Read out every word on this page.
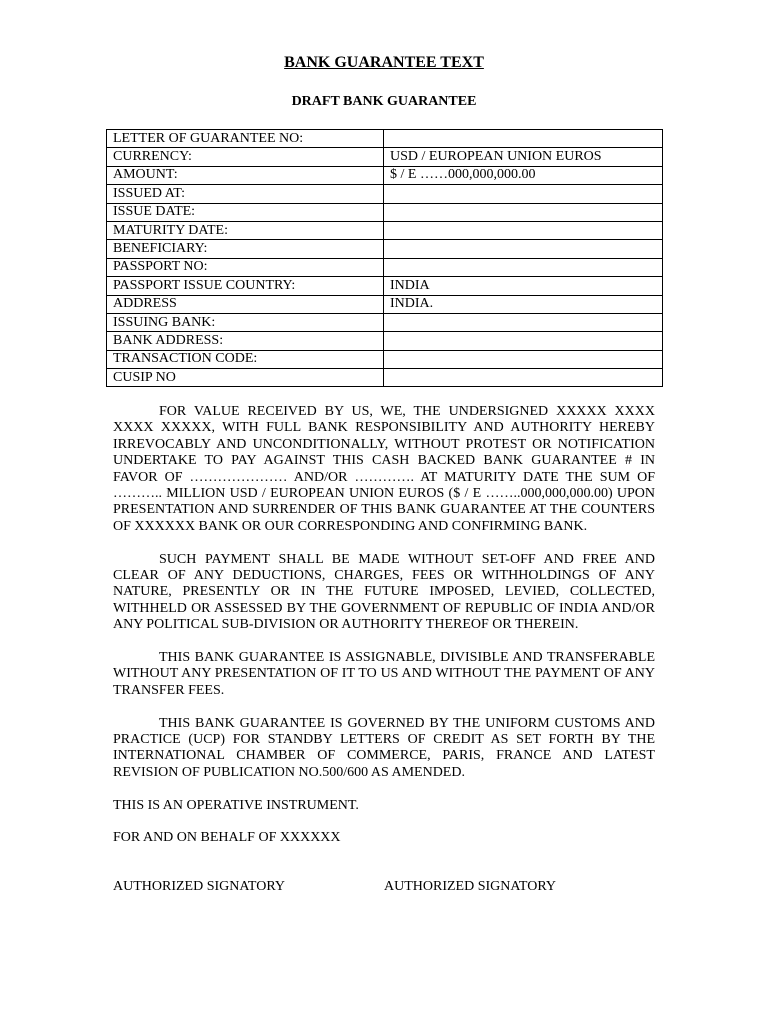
BANK GUARANTEE TEXT
DRAFT BANK GUARANTEE
LETTER OF GUARANTEE NO:	
CURRENCY:	USD / EUROPEAN UNION EUROS
AMOUNT:	$ / E ……000,000,000.00
ISSUED AT:	
ISSUE DATE:	
MATURITY DATE:	
BENEFICIARY:	
PASSPORT NO:	
PASSPORT ISSUE COUNTRY:	INDIA
ADDRESS	INDIA.
ISSUING BANK:	
BANK ADDRESS:	
TRANSACTION CODE:	
CUSIP NO	

FOR VALUE RECEIVED BY US, WE, THE UNDERSIGNED XXXXX XXXX XXXX XXXXX, WITH FULL BANK RESPONSIBILITY AND AUTHORITY HEREBY IRREVOCABLY AND UNCONDITIONALLY, WITHOUT PROTEST OR NOTIFICATION UNDERTAKE TO PAY AGAINST THIS CASH BACKED BANK GUARANTEE # IN FAVOR OF ………………… AND/OR …………. AT MATURITY DATE THE SUM OF ……….. MILLION USD / EUROPEAN UNION EUROS ($ / E ……..000,000,000.00) UPON PRESENTATION AND SURRENDER OF THIS BANK GUARANTEE AT THE COUNTERS OF XXXXXX BANK OR OUR CORRESPONDING AND CONFIRMING BANK.

SUCH PAYMENT SHALL BE MADE WITHOUT SET-OFF AND FREE AND CLEAR OF ANY DEDUCTIONS, CHARGES, FEES OR WITHHOLDINGS OF ANY NATURE, PRESENTLY OR IN THE FUTURE IMPOSED, LEVIED, COLLECTED, WITHHELD OR ASSESSED BY THE GOVERNMENT OF REPUBLIC OF INDIA AND/OR ANY POLITICAL SUB-DIVISION OR AUTHORITY THEREOF OR THEREIN.

THIS BANK GUARANTEE IS ASSIGNABLE, DIVISIBLE AND TRANSFERABLE WITHOUT ANY PRESENTATION OF IT TO US AND WITHOUT THE PAYMENT OF ANY TRANSFER FEES.

THIS BANK GUARANTEE IS GOVERNED BY THE UNIFORM CUSTOMS AND PRACTICE (UCP) FOR STANDBY LETTERS OF CREDIT AS SET FORTH BY THE INTERNATIONAL CHAMBER OF COMMERCE, PARIS, FRANCE AND LATEST REVISION OF PUBLICATION NO.500/600 AS AMENDED.

THIS IS AN OPERATIVE INSTRUMENT.

FOR AND ON BEHALF OF XXXXXX

AUTHORIZED SIGNATORY	AUTHORIZED SIGNATORY
